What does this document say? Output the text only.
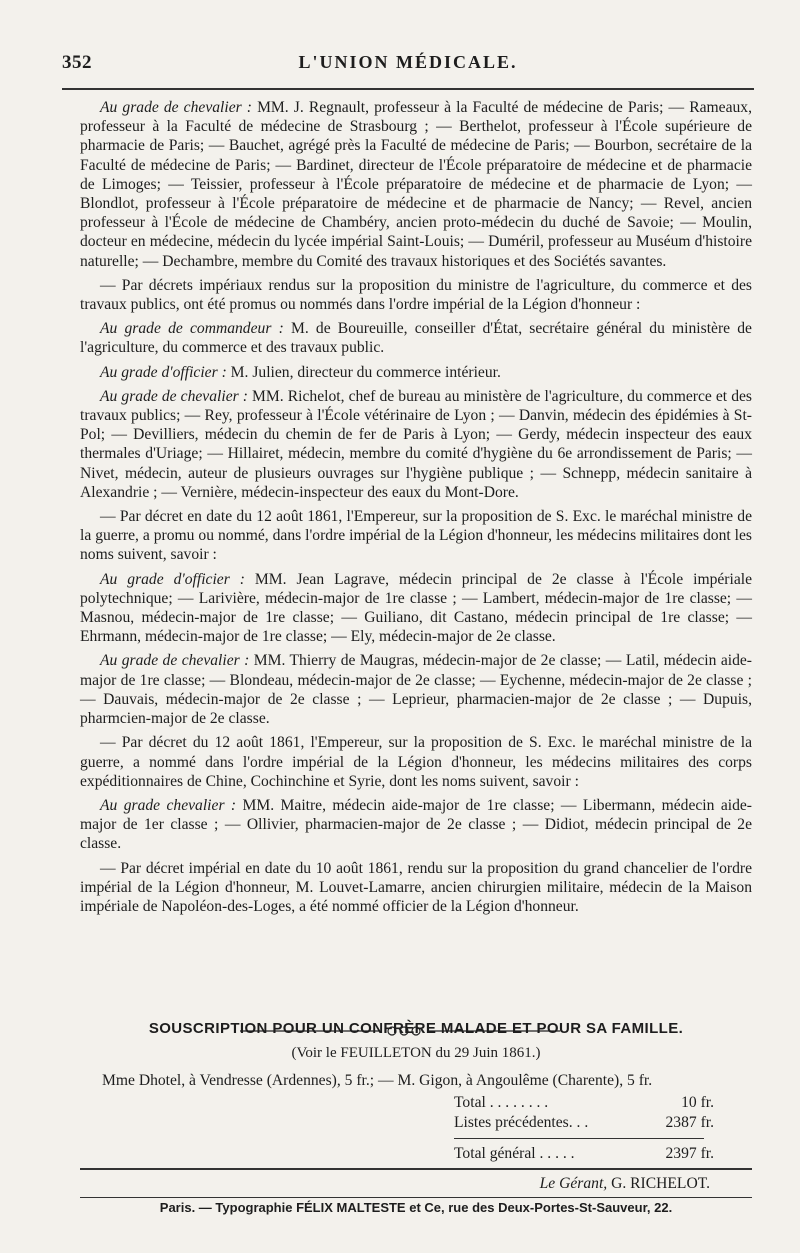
352	L'UNION MÉDICALE.

Au grade de chevalier : MM. J. Regnault, professeur à la Faculté de médecine de Paris; — Rameaux, professeur à la Faculté de médecine de Strasbourg ; — Berthelot, professeur à l'École supérieure de pharmacie de Paris; — Bauchet, agrégé près la Faculté de médecine de Paris; — Bourbon, secrétaire de la Faculté de médecine de Paris; — Bardinet, directeur de l'École préparatoire de médecine et de pharmacie de Limoges; — Teissier, professeur à l'École préparatoire de médecine et de pharmacie de Lyon; — Blondlot, professeur à l'École préparatoire de médecine et de pharmacie de Nancy; — Revel, ancien professeur à l'École de médecine de Chambéry, ancien proto-médecin du duché de Savoie; — Moulin, docteur en médecine, médecin du lycée impérial Saint-Louis; — Duméril, professeur au Muséum d'histoire naturelle; — Dechambre, membre du Comité des travaux historiques et des Sociétés savantes.

— Par décrets impériaux rendus sur la proposition du ministre de l'agriculture, du commerce et des travaux publics, ont été promus ou nommés dans l'ordre impérial de la Légion d'honneur :

Au grade de commandeur : M. de Boureuille, conseiller d'État, secrétaire général du ministère de l'agriculture, du commerce et des travaux public.

Au grade d'officier : M. Julien, directeur du commerce intérieur.

Au grade de chevalier : MM. Richelot, chef de bureau au ministère de l'agriculture, du commerce et des travaux publics; — Rey, professeur à l'École vétérinaire de Lyon ; — Danvin, médecin des épidémies à St-Pol; — Devilliers, médecin du chemin de fer de Paris à Lyon; — Gerdy, médecin inspecteur des eaux thermales d'Uriage; — Hillairet, médecin, membre du comité d'hygiène du 6e arrondissement de Paris; — Nivet, médecin, auteur de plusieurs ouvrages sur l'hygiène publique ; — Schnepp, médecin sanitaire à Alexandrie ; — Vernière, médecin-inspecteur des eaux du Mont-Dore.

— Par décret en date du 12 août 1861, l'Empereur, sur la proposition de S. Exc. le maréchal ministre de la guerre, a promu ou nommé, dans l'ordre impérial de la Légion d'honneur, les médecins militaires dont les noms suivent, savoir :

Au grade d'officier : MM. Jean Lagrave, médecin principal de 2e classe à l'École impériale polytechnique; — Larivière, médecin-major de 1re classe ; — Lambert, médecin-major de 1re classe; — Masnou, médecin-major de 1re classe; — Guiliano, dit Castano, médecin principal de 1re classe; — Ehrmann, médecin-major de 1re classe; — Ely, médecin-major de 2e classe.

Au grade de chevalier : MM. Thierry de Maugras, médecin-major de 2e classe; — Latil, médecin aide-major de 1re classe; — Blondeau, médecin-major de 2e classe; — Eychenne, médecin-major de 2e classe ; — Dauvais, médecin-major de 2e classe ; — Leprieur, pharmacien-major de 2e classe ; — Dupuis, pharmcien-major de 2e classe.

— Par décret du 12 août 1861, l'Empereur, sur la proposition de S. Exc. le maréchal ministre de la guerre, a nommé dans l'ordre impérial de la Légion d'honneur, les médecins militaires des corps expéditionnaires de Chine, Cochinchine et Syrie, dont les noms suivent, savoir :

Au grade chevalier : MM. Maitre, médecin aide-major de 1re classe; — Libermann, médecin aide-major de 1er classe ; — Ollivier, pharmacien-major de 2e classe ; — Didiot, médecin principal de 2e classe.

— Par décret impérial en date du 10 août 1861, rendu sur la proposition du grand chancelier de l'ordre impérial de la Légion d'honneur, M. Louvet-Lamarre, ancien chirurgien militaire, médecin de la Maison impériale de Napoléon-des-Loges, a été nommé officier de la Légion d'honneur.

SOUSCRIPTION POUR UN CONFRÈRE MALADE ET POUR SA FAMILLE.
(Voir le FEUILLETON du 29 Juin 1861.)
Mme Dhotel, à Vendresse (Ardennes), 5 fr.; — M. Gigon, à Angoulême (Charente), 5 fr.
Total . . . . . . . .	10 fr.
Listes précédentes. . .	2387 fr.
Total général . . . . .	2397 fr.
Le Gérant, G. RICHELOT.
Paris. — Typographie FÉLIX MALTESTE et Ce, rue des Deux-Portes-St-Sauveur, 22.
